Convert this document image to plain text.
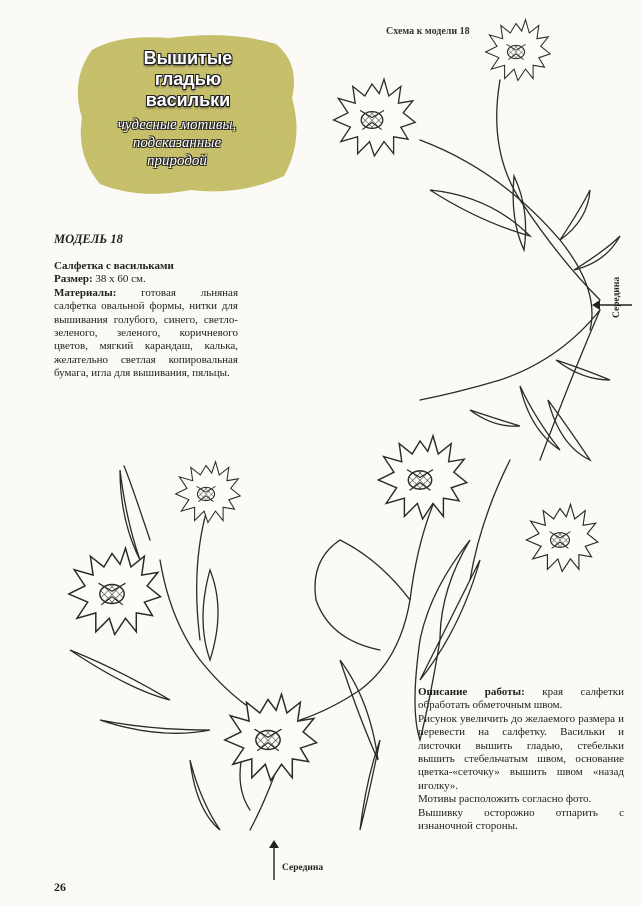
Схема к модели 18
Вышитые
гладью
васильки
чудесные мотивы,
подсказанные
природой
МОДЕЛЬ 18
Салфетка с васильками
Размер: 38 х 60 см.
Материалы: готовая льняная салфетка овальной формы, нитки для вышивания голубого, синего, светло-зеленого, зеленого, коричневого цветов, мягкий карандаш, калька, желательно светлая копировальная бумага, игла для вышивания, пяльцы.

Описание работы: края салфетки обработать обметочным швом.

Рисунок увеличить до желаемого размера и перевести на салфетку. Васильки и листочки вышить гладью, стебельки вышить стебельчатым швом, основание цветка-«сеточку» вышить швом «назад иголку».

Мотивы расположить согласно фото.

Вышивку осторожно отпарить с изнаночной стороны.

Середина
Середина
26
